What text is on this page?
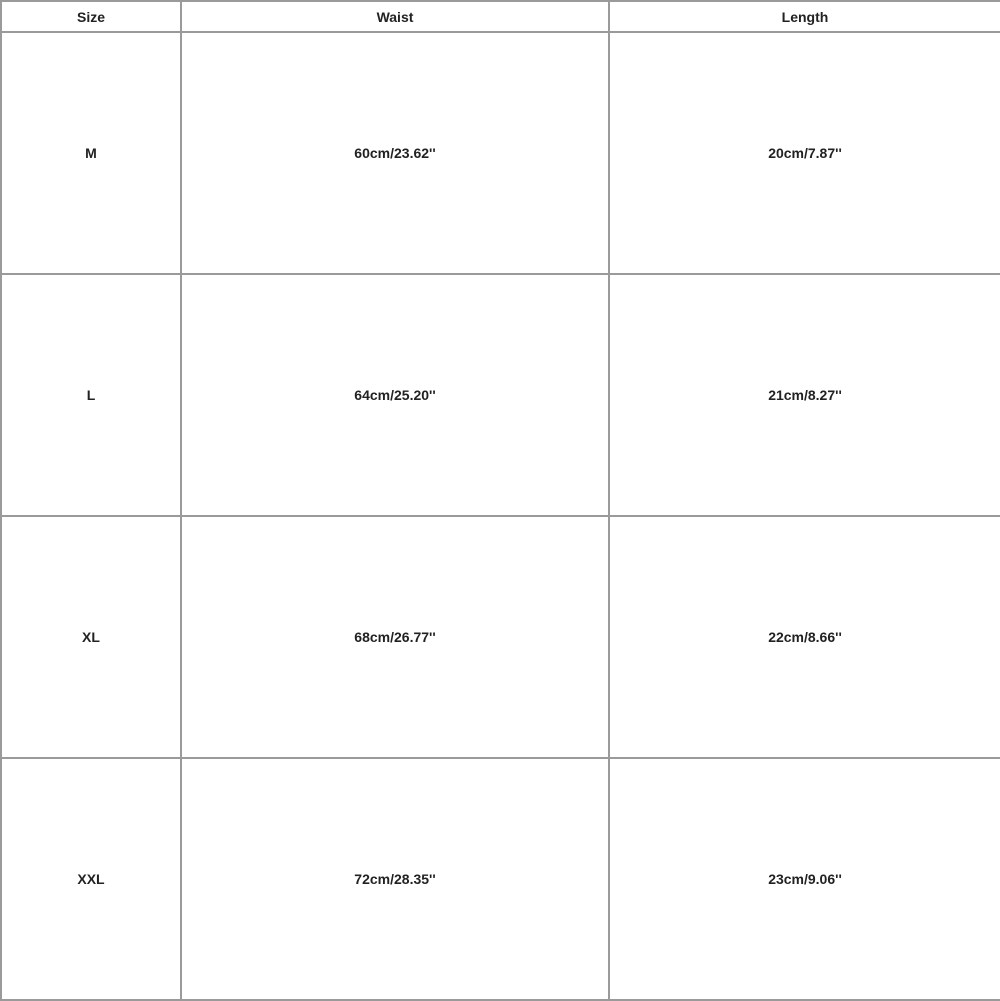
Size	Waist	Length
M	60cm/23.62''	20cm/7.87''
L	64cm/25.20''	21cm/8.27''
XL	68cm/26.77''	22cm/8.66''
XXL	72cm/28.35''	23cm/9.06''
